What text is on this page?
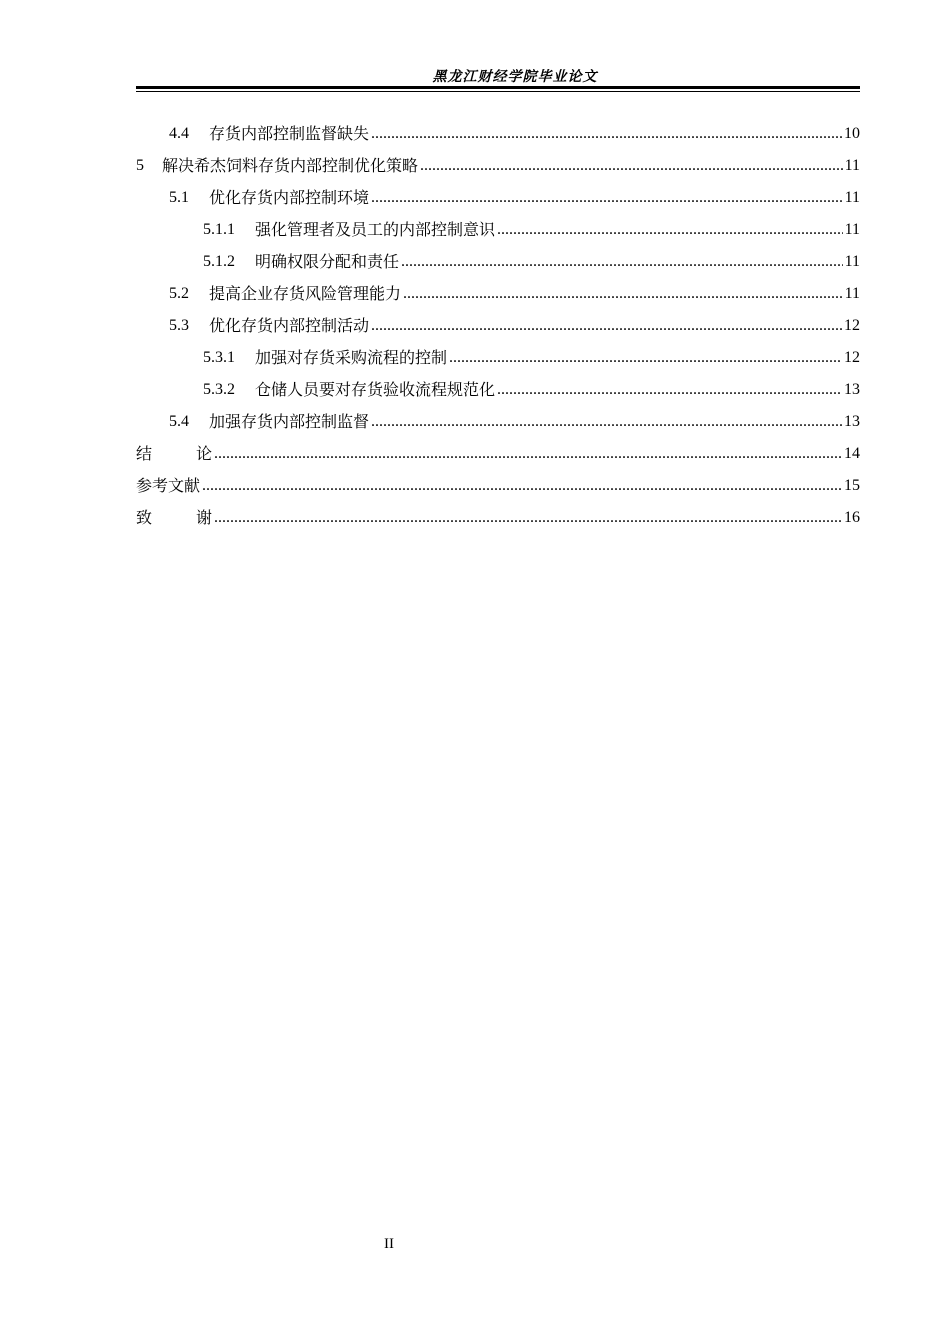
黑龙江财经学院毕业论文
4.4 存货内部控制监督缺失 .....	10
5 解决希杰饲料存货内部控制优化策略 .....	11
5.1 优化存货内部控制环境 .....	11
5.1.1 强化管理者及员工的内部控制意识 .....	11
5.1.2 明确权限分配和责任 .....	11
5.2 提高企业存货风险管理能力 .....	11
5.3 优化存货内部控制活动 .....	12
5.3.1 加强对存货采购流程的控制 .....	12
5.3.2 仓储人员要对存货验收流程规范化 .....	13
5.4 加强存货内部控制监督 .....	13
结	论 .....	14
参考文献 .....	15
致	谢 .....	16
II
